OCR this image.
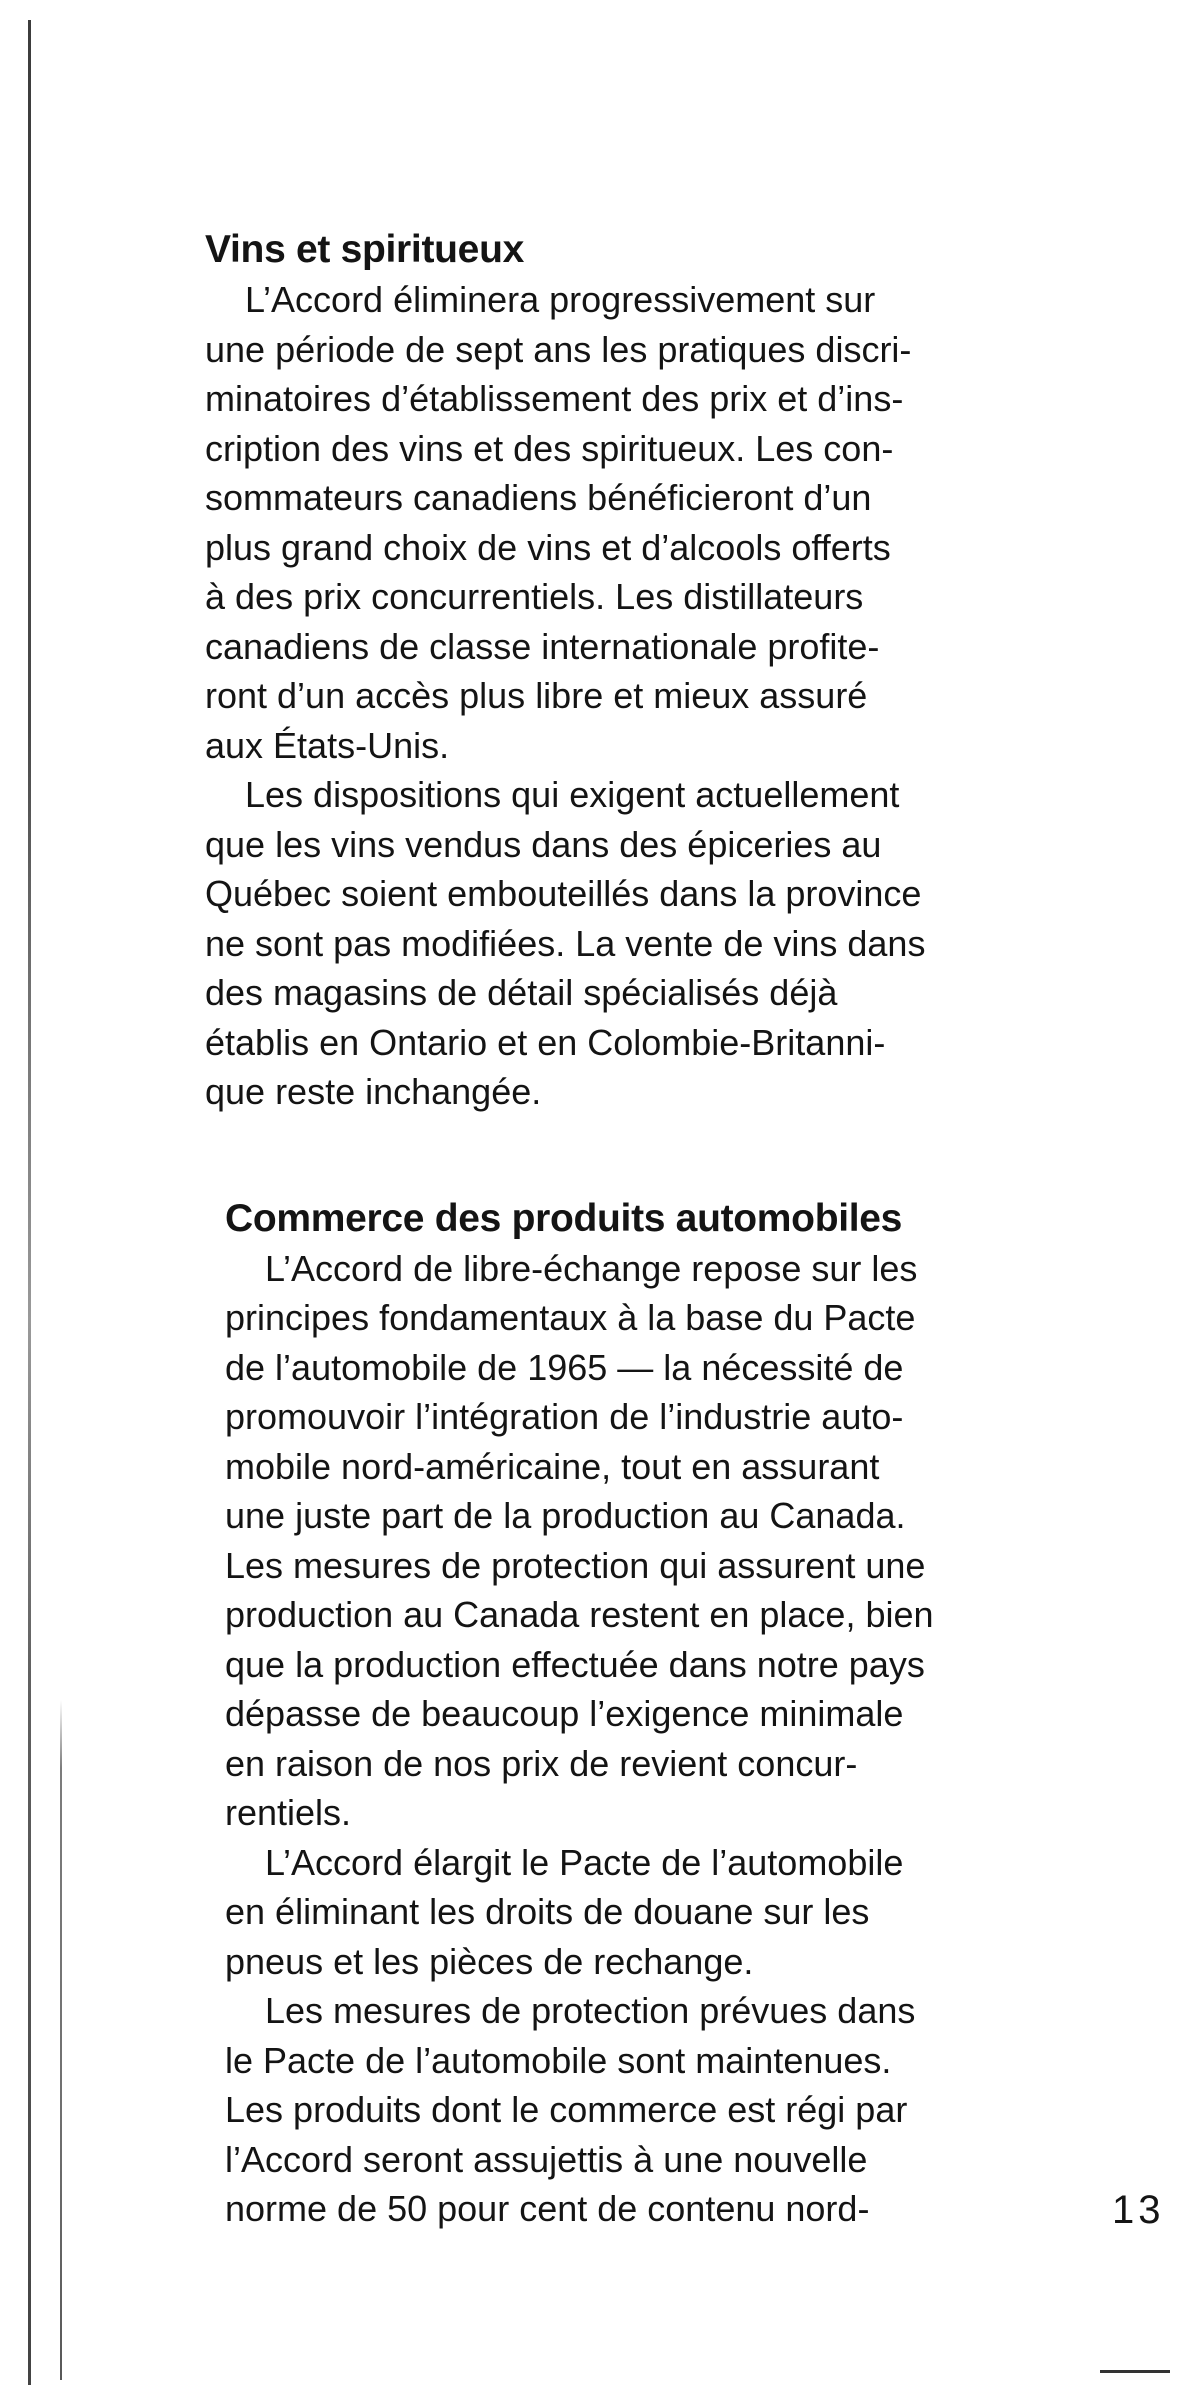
Vins et spiritueux

L’Accord éliminera progressivement sur
une période de sept ans les pratiques discri-
minatoires d’établissement des prix et d’ins-
cription des vins et des spiritueux. Les con-
sommateurs canadiens bénéficieront d’un
plus grand choix de vins et d’alcools offerts
à des prix concurrentiels. Les distillateurs
canadiens de classe internationale profite-
ront d’un accès plus libre et mieux assuré
aux États-Unis.

Les dispositions qui exigent actuellement
que les vins vendus dans des épiceries au
Québec soient embouteillés dans la province
ne sont pas modifiées. La vente de vins dans
des magasins de détail spécialisés déjà
établis en Ontario et en Colombie-Britanni-
que reste inchangée.

Commerce des produits automobiles

L’Accord de libre-échange repose sur les
principes fondamentaux à la base du Pacte
de l’automobile de 1965 — la nécessité de
promouvoir l’intégration de l’industrie auto-
mobile nord-américaine, tout en assurant
une juste part de la production au Canada.
Les mesures de protection qui assurent une
production au Canada restent en place, bien
que la production effectuée dans notre pays
dépasse de beaucoup l’exigence minimale
en raison de nos prix de revient concur-
rentiels.

L’Accord élargit le Pacte de l’automobile
en éliminant les droits de douane sur les
pneus et les pièces de rechange.

Les mesures de protection prévues dans
le Pacte de l’automobile sont maintenues.
Les produits dont le commerce est régi par
l’Accord seront assujettis à une nouvelle
norme de 50 pour cent de contenu nord-	13
